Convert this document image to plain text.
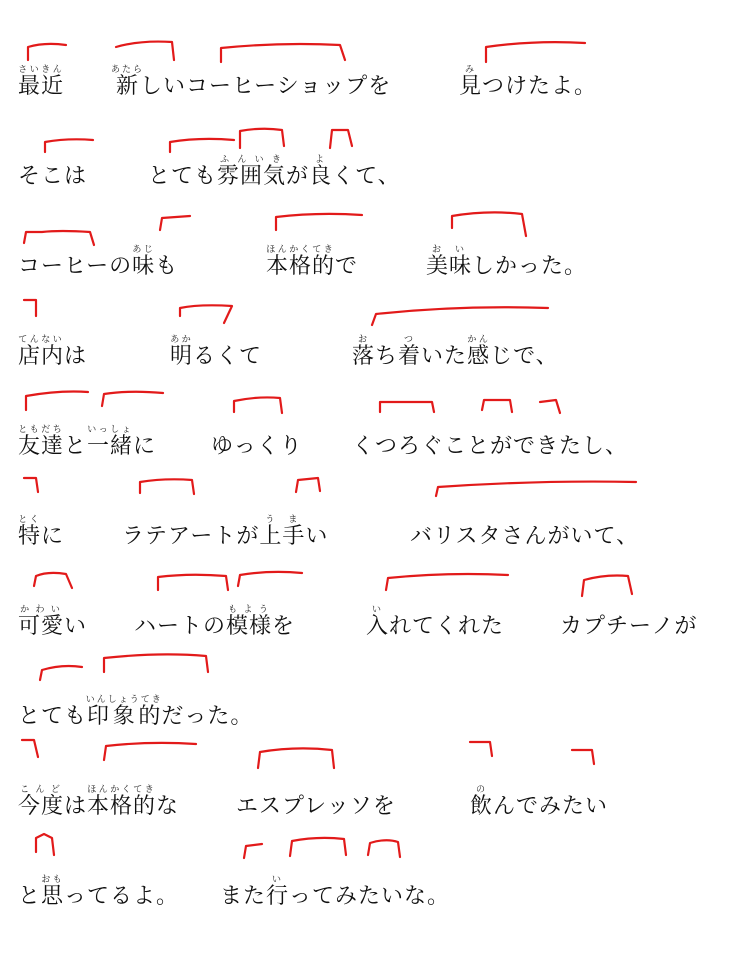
最近さいきん
新あたらしいコーヒーショップを	見みつけたよ。
そこは	とても雰囲気ふんいきが良よくて、
コーヒーの味あじも	本格的ほんかくてきで	美味おいしかった。
店内てんないは	明あかるくて	落おち着ついた感かんじで、
友達ともだちと一緒いっしょに ゆっくり くつろぐことができたし、
特とくに	ラテアートが上手うまい	バリスタさんがいて、
可愛かわいい ハートの模様もようを	入いれてくれた	カプチーノが
とても印象的いんしょうてきだった。
今度こんどは本格的ほんかくてきな	エスプレッソを	飲のんでみたい
と思おもってるよ。 また行いってみたいな。
